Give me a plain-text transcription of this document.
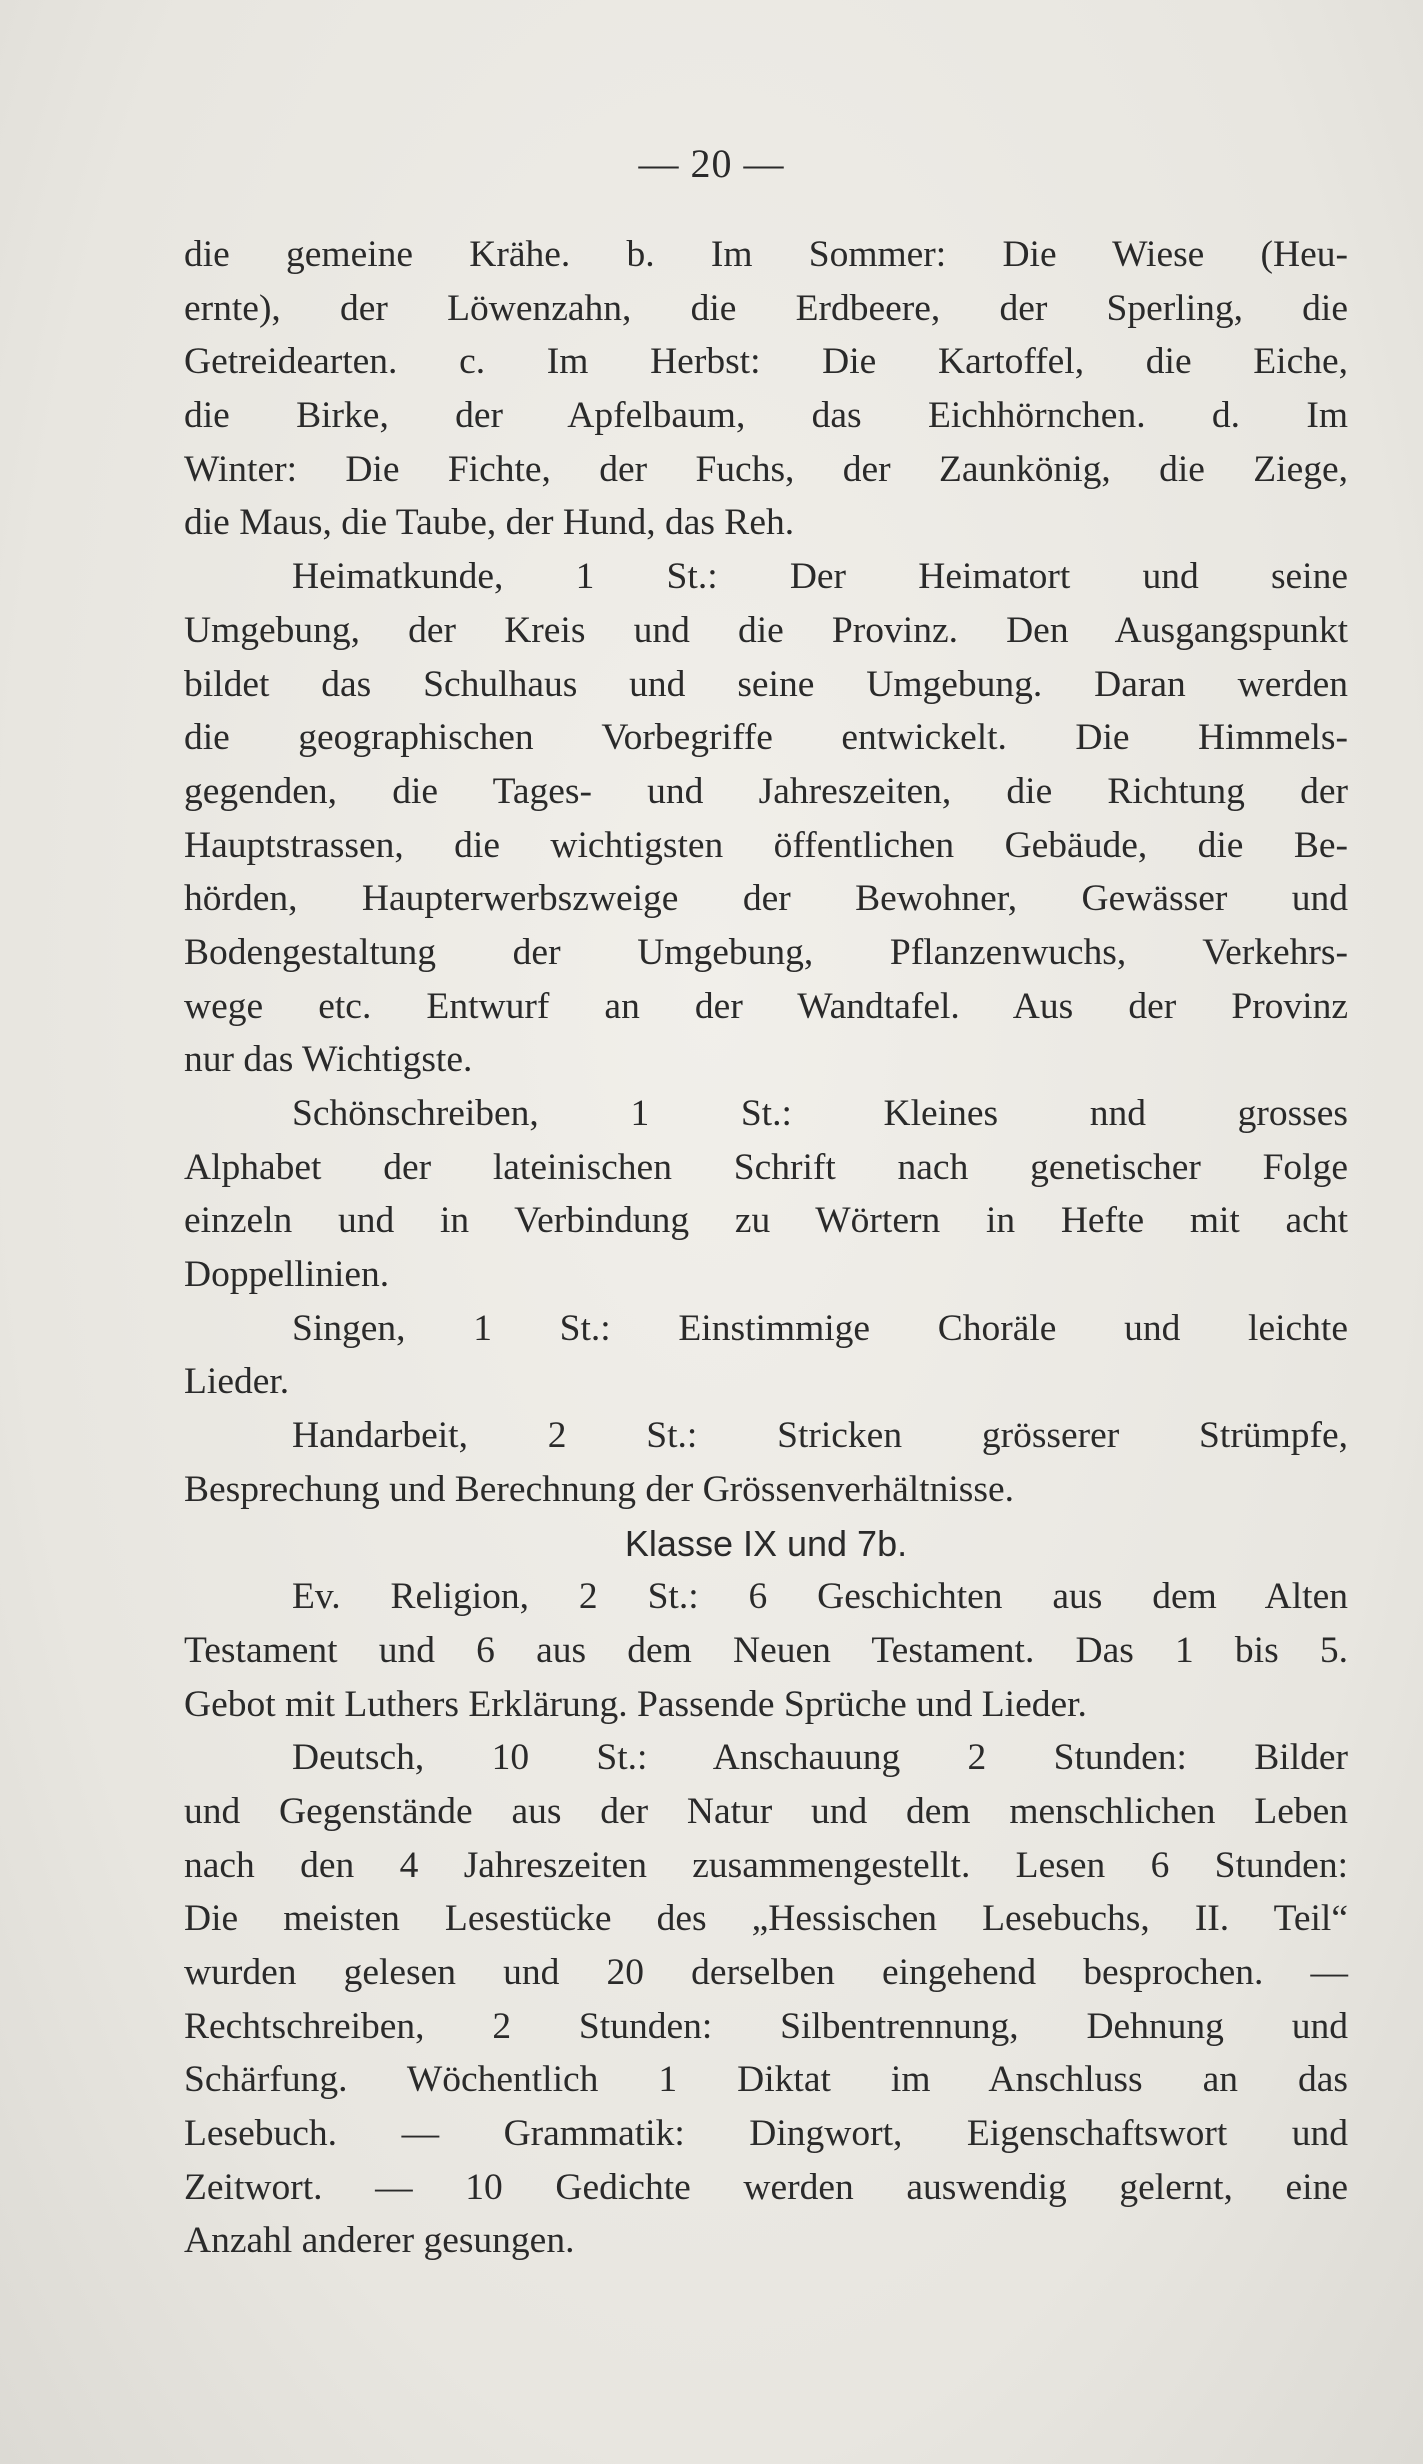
— 20 —
die gemeine Krähe. b. Im Sommer: Die Wiese (Heu-
ernte), der Löwenzahn, die Erdbeere, der Sperling, die
Getreidearten. c. Im Herbst: Die Kartoffel, die Eiche,
die Birke, der Apfelbaum, das Eichhörnchen. d. Im
Winter: Die Fichte, der Fuchs, der Zaunkönig, die Ziege,
die Maus, die Taube, der Hund, das Reh.
Heimatkunde, 1 St.: Der Heimatort und seine
Umgebung, der Kreis und die Provinz. Den Ausgangspunkt
bildet das Schulhaus und seine Umgebung. Daran werden
die geographischen Vorbegriffe entwickelt. Die Himmels-
gegenden, die Tages- und Jahreszeiten, die Richtung der
Hauptstrassen, die wichtigsten öffentlichen Gebäude, die Be-
hörden, Haupterwerbszweige der Bewohner, Gewässer und
Bodengestaltung der Umgebung, Pflanzenwuchs, Verkehrs-
wege etc. Entwurf an der Wandtafel. Aus der Provinz
nur das Wichtigste.
Schönschreiben, 1 St.: Kleines nnd grosses
Alphabet der lateinischen Schrift nach genetischer Folge
einzeln und in Verbindung zu Wörtern in Hefte mit acht
Doppellinien.
Singen, 1 St.: Einstimmige Choräle und leichte
Lieder.
Handarbeit, 2 St.: Stricken grösserer Strümpfe,
Besprechung und Berechnung der Grössenverhältnisse.
Klasse IX und 7b.
Ev. Religion, 2 St.: 6 Geschichten aus dem Alten
Testament und 6 aus dem Neuen Testament. Das 1 bis 5.
Gebot mit Luthers Erklärung. Passende Sprüche und Lieder.
Deutsch, 10 St.: Anschauung 2 Stunden: Bilder
und Gegenstände aus der Natur und dem menschlichen Leben
nach den 4 Jahreszeiten zusammengestellt. Lesen 6 Stunden:
Die meisten Lesestücke des „Hessischen Lesebuchs, II. Teil“
wurden gelesen und 20 derselben eingehend besprochen. —
Rechtschreiben, 2 Stunden: Silbentrennung, Dehnung und
Schärfung. Wöchentlich 1 Diktat im Anschluss an das
Lesebuch. — Grammatik: Dingwort, Eigenschaftswort und
Zeitwort. — 10 Gedichte werden auswendig gelernt, eine
Anzahl anderer gesungen.
